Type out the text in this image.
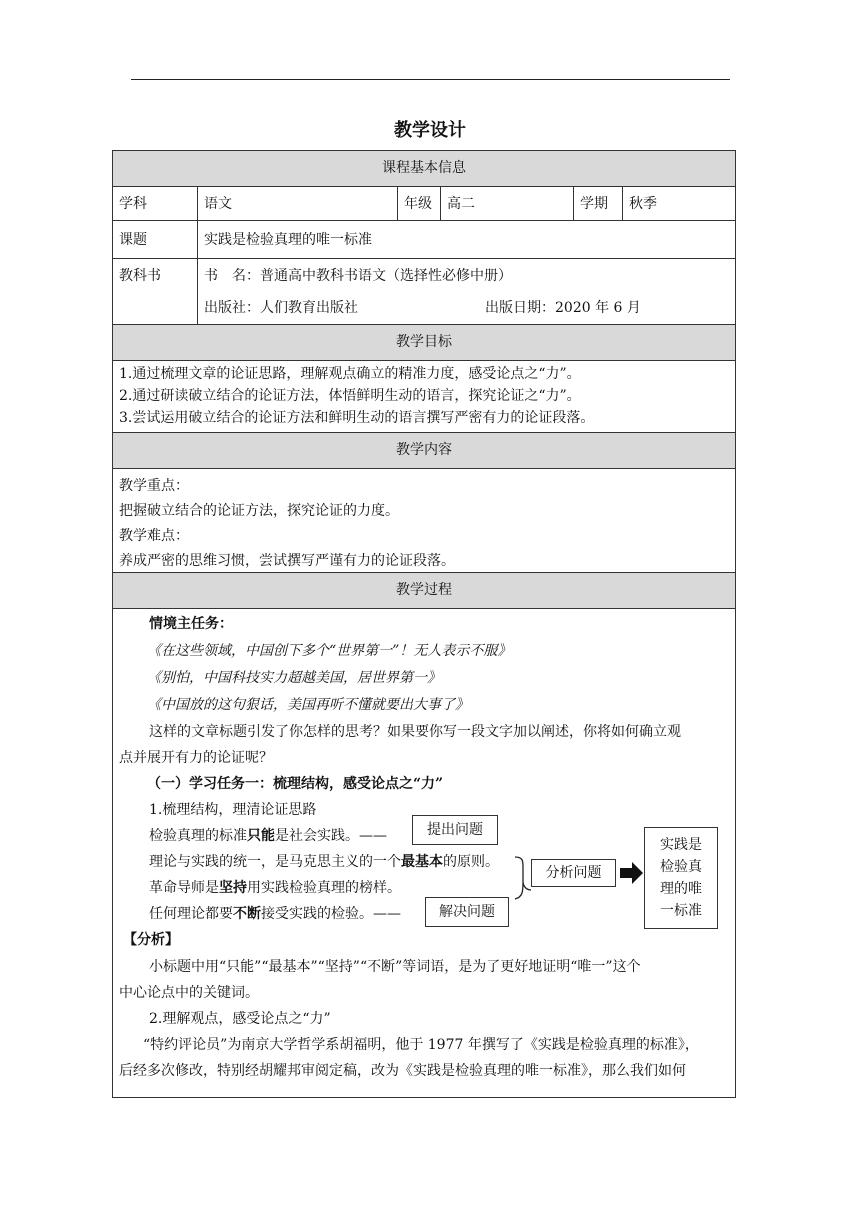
教学设计
课程基本信息
学科	语文	年级	高二	学期	秋季
课题	实践是检验真理的唯一标准
教科书	书　名：普通高中教科书语文（选择性必修中册）
出版社：人们教育出版社	出版日期：2020 年 6 月
教学目标
1.通过梳理文章的论证思路，理解观点确立的精准力度，感受论点之“力”。
2.通过研读破立结合的论证方法，体悟鲜明生动的语言，探究论证之“力”。
3.尝试运用破立结合的论证方法和鲜明生动的语言撰写严密有力的论证段落。
教学内容
教学重点：
把握破立结合的论证方法，探究论证的力度。
教学难点：
养成严密的思维习惯，尝试撰写严谨有力的论证段落。
教学过程
情境主任务：
《在这些领域，中国创下多个“世界第一”！无人表示不服》
《别怕，中国科技实力超越美国，居世界第一》
《中国放的这句狠话，美国再听不懂就要出大事了》
这样的文章标题引发了你怎样的思考？如果要你写一段文字加以阐述，你将如何确立观
点并展开有力的论证呢？
（一）学习任务一：梳理结构，感受论点之“力”
1.梳理结构，理清论证思路
检验真理的标准只能是社会实践。——
理论与实践的统一，是马克思主义的一个最基本的原则。
革命导师是坚持用实践检验真理的榜样。
任何理论都要不断接受实践的检验。——
提出问题
解决问题
分析问题
实践是
检验真
理的唯
一标准
【分析】
小标题中用“只能”“最基本”“坚持”“不断”等词语，是为了更好地证明“唯一”这个
中心论点中的关键词。
2.理解观点，感受论点之“力”
“特约评论员”为南京大学哲学系胡福明，他于 1977 年撰写了《实践是检验真理的标准》，
后经多次修改，特别经胡耀邦审阅定稿，改为《实践是检验真理的唯一标准》，那么我们如何
